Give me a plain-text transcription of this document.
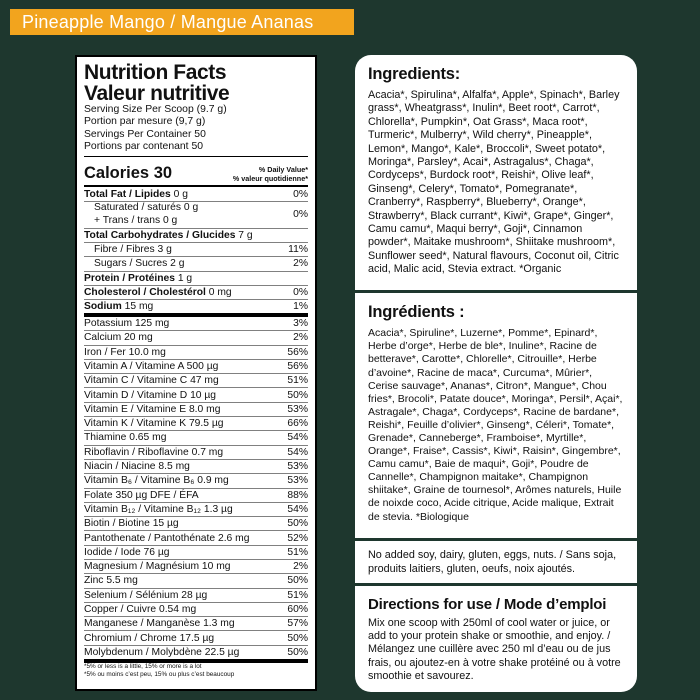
Pineapple Mango / Mangue Ananas
Nutrition Facts
Valeur nutritive
Serving Size Per Scoop (9.7 g)
Portion par mesure (9,7 g)
Servings Per Container 50
Portions par contenant 50
Calories 30	% Daily Value*
% valeur quotidienne*
Total Fat / Lipides 0 g	0%
Saturated / saturés 0 g
+ Trans / trans 0 g	0%
Total Carbohydrates / Glucides 7 g
Fibre / Fibres 3 g	11%
Sugars / Sucres 2 g	2%
Protein / Protéines 1 g
Cholesterol / Cholestérol 0 mg	0%
Sodium 15 mg	1%
Potassium 125 mg	3%
Calcium 20 mg	2%
Iron / Fer 10.0 mg	56%
Vitamin A / Vitamine A 500 µg	56%
Vitamin C / Vitamine C 47 mg	51%
Vitamin D / Vitamine D 10 µg	50%
Vitamin E / Vitamine E 8.0 mg	53%
Vitamin K / Vitamine K 79.5 µg	66%
Thiamine 0.65 mg	54%
Riboflavin / Riboflavine 0.7 mg	54%
Niacin / Niacine 8.5 mg	53%
Vitamin B₆ / Vitamine B₆ 0.9 mg	53%
Folate 350 µg DFE / ÉFA	88%
Vitamin B₁₂ / Vitamine B₁₂ 1.3 µg	54%
Biotin / Biotine 15 µg	50%
Pantothenate / Pantothénate 2.6 mg	52%
Iodide / Iode 76 µg	51%
Magnesium / Magnésium 10 mg	2%
Zinc 5.5 mg	50%
Selenium / Sélénium 28 µg	51%
Copper / Cuivre 0.54 mg	60%
Manganese / Manganèse 1.3 mg	57%
Chromium / Chrome 17.5 µg	50%
Molybdenum / Molybdène 22.5 µg	50%
*5% or less is a little, 15% or more is a lot
*5% ou moins c’est peu, 15% ou plus c’est beaucoup
Ingredients:

Acacia*, Spirulina*, Alfalfa*, Apple*, Spinach*, Barley grass*, Wheatgrass*, Inulin*, Beet root*, Carrot*, Chlorella*, Pumpkin*, Oat Grass*, Maca root*, Turmeric*, Mulberry*, Wild cherry*, Pineapple*, Lemon*, Mango*, Kale*, Broccoli*, Sweet potato*, Moringa*, Parsley*, Acai*, Astragalus*, Chaga*, Cordyceps*, Burdock root*, Reishi*, Olive leaf*, Ginseng*, Celery*, Tomato*, Pomegranate*, Cranberry*, Raspberry*, Blueberry*, Orange*, Strawberry*, Black currant*, Kiwi*, Grape*, Ginger*, Camu camu*, Maqui berry*, Goji*, Cinnamon powder*, Maitake mushroom*, Shiitake mushroom*, Sunflower seed*, Natural flavours, Coconut oil, Citric acid, Malic acid, Stevia extract. *Organic

Ingrédients :

Acacia*, Spiruline*, Luzerne*, Pomme*, Epinard*, Herbe d’orge*, Herbe de ble*, Inuline*, Racine de betterave*, Carotte*, Chlorelle*, Citrouille*, Herbe d’avoine*, Racine de maca*, Curcuma*, Mûrier*, Cerise sauvage*, Ananas*, Citron*, Mangue*, Chou fries*, Brocoli*, Patate douce*, Moringa*, Persil*, Açai*, Astragale*, Chaga*, Cordyceps*, Racine de bardane*, Reishi*, Feuille d’olivier*, Ginseng*, Céleri*, Tomate*, Grenade*, Canneberge*, Framboise*, Myrtille*, Orange*, Fraise*, Cassis*, Kiwi*, Raisin*, Gingembre*, Camu camu*, Baie de maqui*, Goji*, Poudre de Cannelle*, Champignon maitake*, Champignon shiitake*, Graine de tournesol*, Arômes naturels, Huile de noixde coco, Acide citrique, Acide malique, Extrait de stevia. *Biologique

No added soy, dairy, gluten, eggs, nuts. / Sans soja, produits laitiers, gluten, oeufs, noix ajoutés.

Directions for use / Mode d’emploi

Mix one scoop with 250ml of cool water or juice, or add to your protein shake or smoothie, and enjoy. / Mélangez une cuillère avec 250 ml d’eau ou de jus frais, ou ajoutez-en à votre shake protéiné ou à votre smoothie et savourez.
